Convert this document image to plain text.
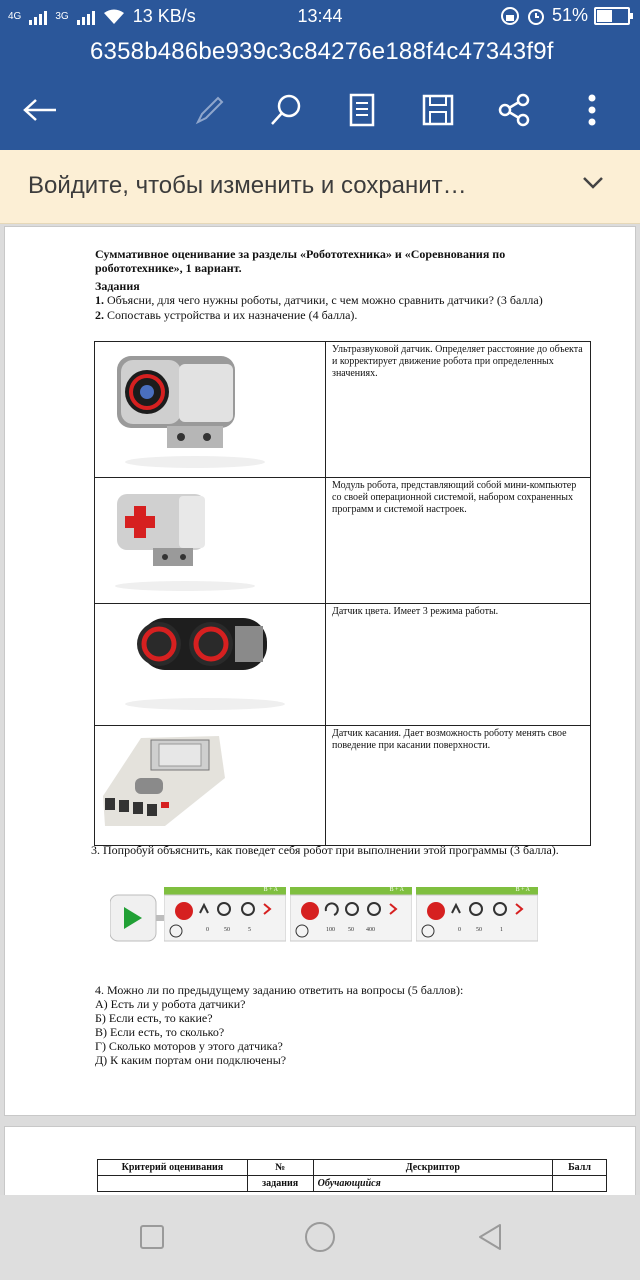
4G	3G	13 KB/s	13:44	51%
6358b486be939c3c84276e188f4c47343f9f
Войдите, чтобы изменить и сохранит…
Суммативное оценивание за разделы «Робототехника» и «Соревнования по робототехнике», 1 вариант.
Задания
1. Объясни, для чего нужны роботы, датчики, с чем можно сравнить датчики? (3 балла)
2. Сопоставь устройства и их назначение (4 балла).
	Ультразвуковой датчик. Определяет расстояние до объекта и корректирует движение робота при определенных значениях.
	Модуль робота, представляющий собой мини-компьютер со своей операционной системой, набором сохраненных программ и системой настроек.
	Датчик цвета. Имеет 3 режима работы.
	Датчик касания. Дает возможность роботу менять свое поведение при касании поверхности.
3. Попробуй объяснить, как поведет себя робот при выполнении этой программы (3 балла).
B + A
0	50	5
B + A
100 50 400
B + A
0	50	1
4. Можно ли по предыдущему заданию ответить на вопросы (5 баллов):
А) Есть ли у робота датчики?
Б) Если есть, то какие?
В) Если есть, то сколько?
Г) Сколько моторов у этого датчика?
Д) К каким портам они подключены?
Критерий оценивания	№	Дескриптор	Балл
	задания	Обучающийся	
